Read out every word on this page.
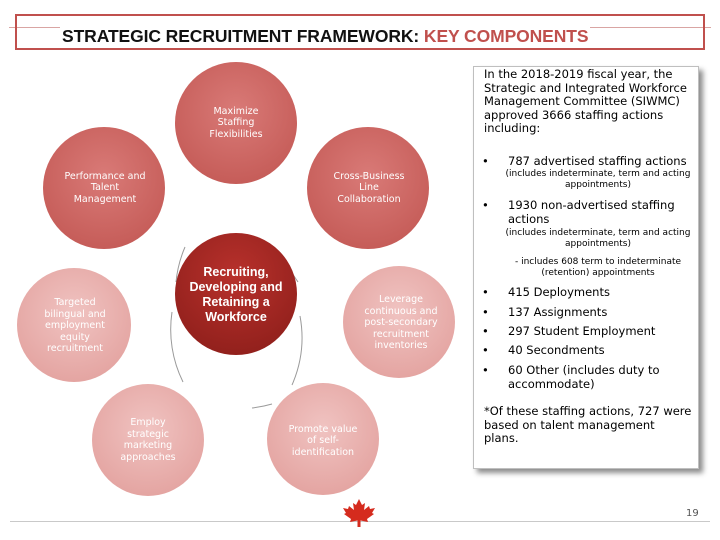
STRATEGIC RECRUITMENT FRAMEWORK: KEY COMPONENTS
Maximize Staffing Flexibilities
Cross-Business Line Collaboration
Performance and Talent Management
Leverage continuous and post-secondary recruitment inventories
Targeted bilingual and employment equity recruitment
Promote value of self-identification
Employ strategic marketing approaches
Recruiting, Developing and Retaining a Workforce
In the 2018-2019 fiscal year, the Strategic and Integrated Workforce Management Committee (SIWMC) approved 3666 staffing actions including:
• 787 advertised staffing actions
(includes indeterminate, term and acting appointments)
• 1930 non-advertised staffing actions
(includes indeterminate, term and acting appointments)
- includes 608 term to indeterminate (retention) appointments
• 415 Deployments
• 137 Assignments
• 297 Student Employment
• 40 Secondments
• 60 Other (includes duty to accommodate)
*Of these staffing actions, 727 were based on talent management plans.
19
